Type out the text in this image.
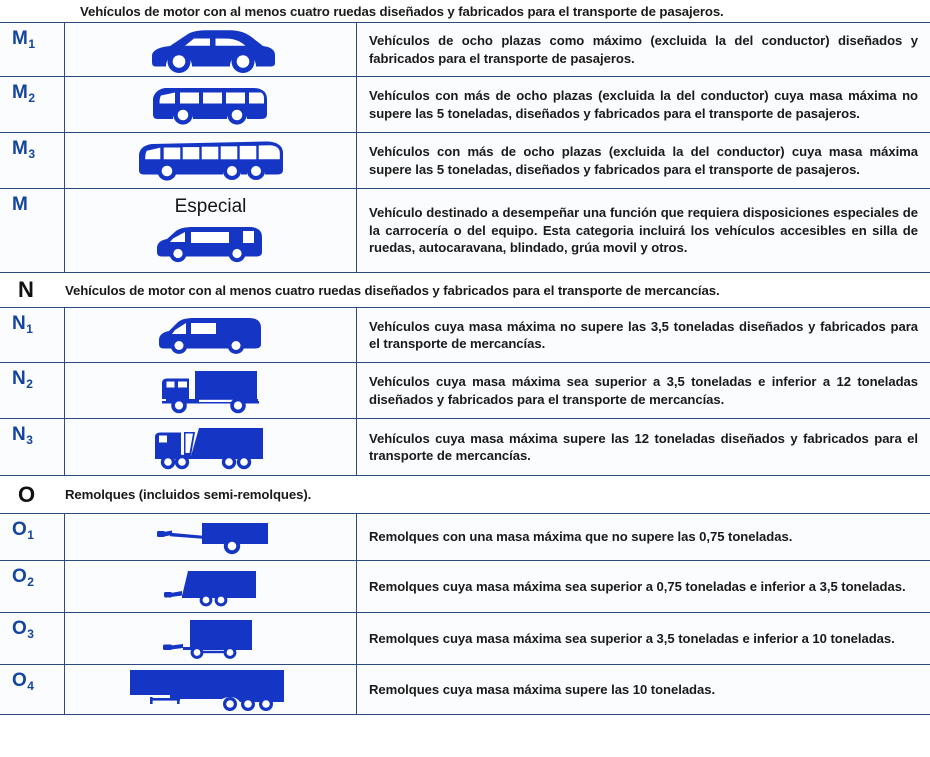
Vehículos de motor con al menos cuatro ruedas diseñados y fabricados para el transporte de pasajeros.
$M_1$	Vehículos de ocho plazas como máximo (excluida la del conductor) diseñados y fabricados para el transporte de pasajeros.

$M_2$	Vehículos con más de ocho plazas (excluida la del conductor) cuya masa máxima no supere las 5 toneladas, diseñados y fabricados para el transporte de pasajeros.

$M_3$	Vehículos con más de ocho plazas (excluida la del conductor) cuya masa máxima supere las 5 toneladas, diseñados y fabricados para el transporte de pasajeros.

M	Especial	Vehículo destinado a desempeñar una función que requiera disposiciones especiales de la carrocería o del equipo. Esta categoria incluirá los vehículos accesibles en silla de ruedas, autocaravana, blindado, grúa movil y otros.

N	Vehículos de motor con al menos cuatro ruedas diseñados y fabricados para el transporte de mercancías.
$N_1$	Vehículos cuya masa máxima no supere las 3,5 toneladas diseñados y fabricados para el transporte de mercancías.

$N_2$	Vehículos cuya masa máxima sea superior a 3,5 toneladas e inferior a 12 toneladas diseñados y fabricados para el transporte de mercancías.

$N_3$	Vehículos cuya masa máxima supere las 12 toneladas diseñados y fabricados para el transporte de mercancías.

O	Remolques (incluidos semi-remolques).
$O_1$	Remolques con una masa máxima que no supere las 0,75 toneladas.

$O_2$	Remolques cuya masa máxima sea superior a 0,75 toneladas e inferior a 3,5 toneladas.

$O_3$	Remolques cuya masa máxima sea superior a 3,5 toneladas e inferior a 10 toneladas.

$O_4$	Remolques cuya masa máxima supere las 10 toneladas.
